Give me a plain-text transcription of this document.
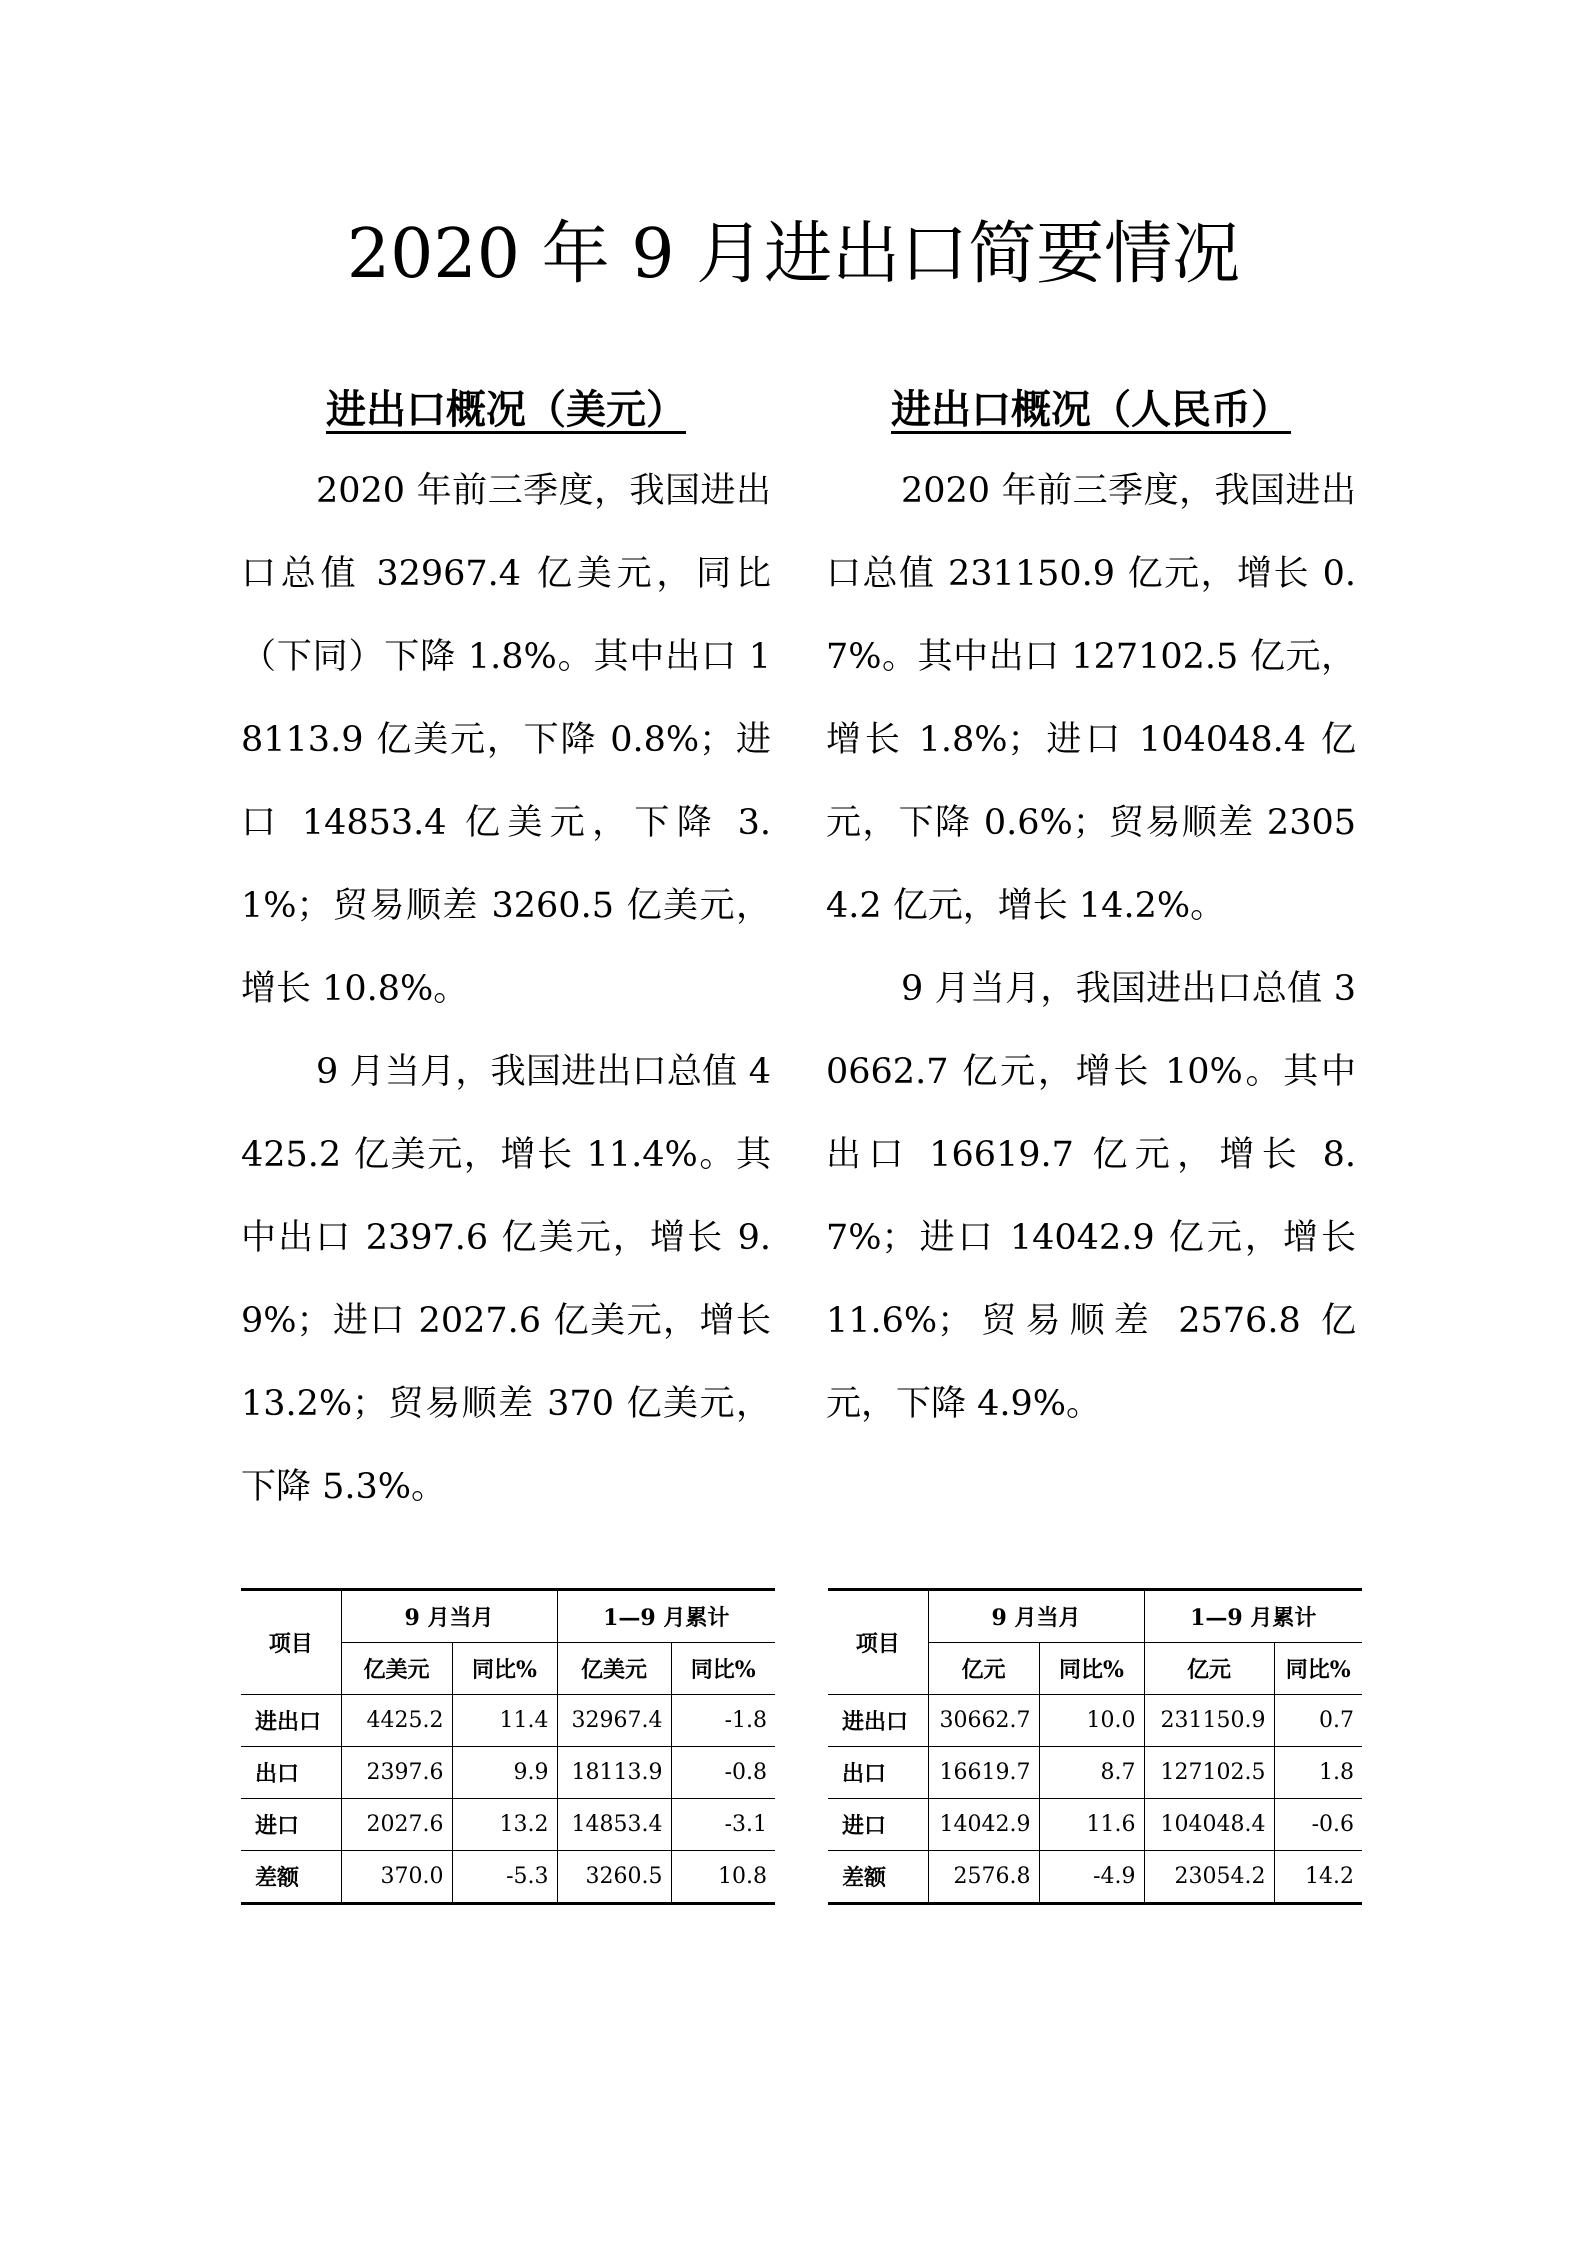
2020 年 9 月进出口简要情况
进出口概况（美元）

2020 年前三季度，我国进出口总值 32967.4 亿美元，同比（下同）下降 1.8%。其中出口 18113.9 亿美元，下降 0.8%；进口 14853.4 亿美元，下降 3.1%；贸易顺差 3260.5 亿美元，增长 10.8%。

9 月当月，我国进出口总值 4425.2 亿美元，增长 11.4%。其中出口 2397.6 亿美元，增长 9.9%；进口 2027.6 亿美元，增长 13.2%；贸易顺差 370 亿美元，下降 5.3%。

进出口概况（人民币）

2020 年前三季度，我国进出口总值 231150.9 亿元，增长 0.7%。其中出口 127102.5 亿元，增长 1.8%；进口 104048.4 亿元，下降 0.6%；贸易顺差 23054.2 亿元，增长 14.2%。

9 月当月，我国进出口总值 30662.7 亿元，增长 10%。其中出口 16619.7 亿元，增长 8.7%；进口 14042.9 亿元，增长 11.6%；贸易顺差 2576.8 亿元，下降 4.9%。

项目	9 月当月		1—9 月累计	
	亿美元	同比%	亿美元	同比%
进出口	4425.2	11.4	32967.4	-1.8
出口	2397.6	9.9	18113.9	-0.8
进口	2027.6	13.2	14853.4	-3.1
差额	370.0	-5.3	3260.5	10.8
项目	9 月当月		1—9 月累计	
	亿元	同比%	亿元	同比%
进出口	30662.7	10.0	231150.9	0.7
出口	16619.7	8.7	127102.5	1.8
进口	14042.9	11.6	104048.4	-0.6
差额	2576.8	-4.9	23054.2	14.2
